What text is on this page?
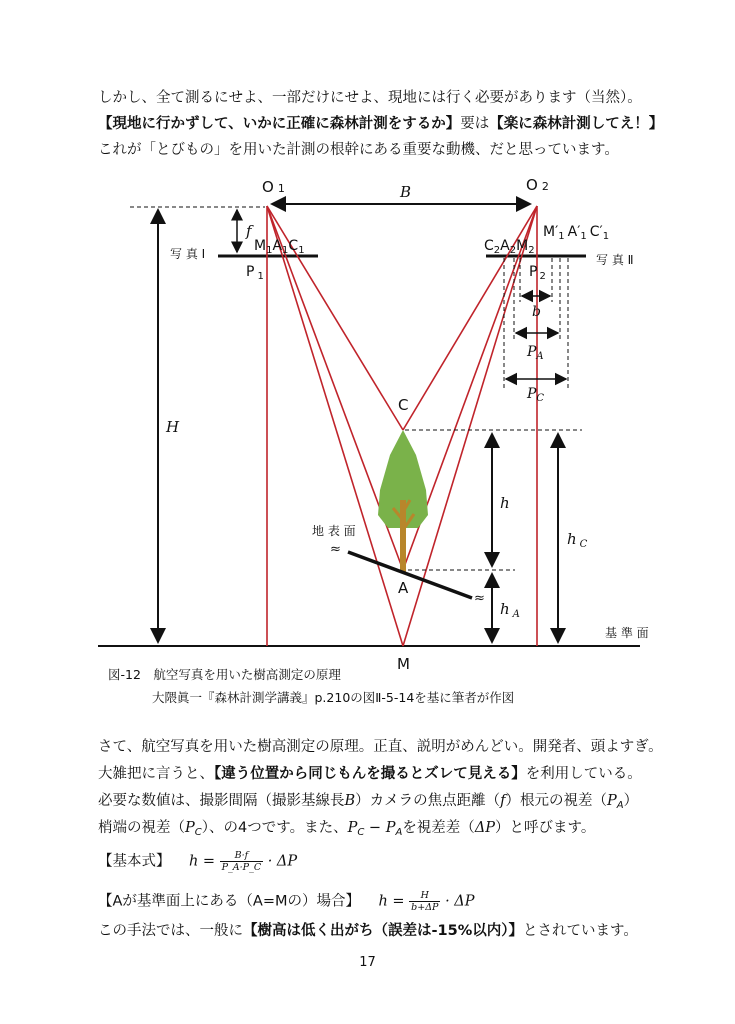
しかし、全て測るにせよ、一部だけにせよ、現地には行く必要があります（当然）。
【現地に行かずして、いかに正確に森林計測をするか】要は【楽に森林計測してえ！】
これが「とびもの」を用いた計測の根幹にある重要な動機、だと思っています。
≈
≈
O 1	O 2
B
f
写 真 Ⅰ	写 真 Ⅱ
$M_1A_1C_1$
P $_1$
$C_2A_2M_2$
P $_2$
$M'_1$ $A'_1$ $C'_1$
b
$P_A$
$P_C$
H
C
h
h $_C$
h $_A$
A
M
地 表 面
基 準 面
図-12　航空写真を用いた樹高測定の原理
大隈眞一『森林計測学講義』p.210の図Ⅱ-5-14を基に筆者が作図
さて、航空写真を用いた樹高測定の原理。正直、説明がめんどい。開発者、頭よすぎ。
大雑把に言うと、【違う位置から同じもんを撮るとズレて見える】を利用している。
必要な数値は、撮影間隔（撮影基線長B）カメラの焦点距離（f）根元の視差$(P_A)$
梢端の視差$(P_C)$、の4つです。また、$P_C - P_A$を視差差（ΔP）と呼びます。
【基本式】 $h = \frac{B\cdot f}{P\_A\cdot P\_C} \cdot \Delta P$
【Aが基準面上にある（A=Mの）場合】 $h = \frac{H}{b+\Delta P} \cdot \Delta P$
この手法では、一般に【樹高は低く出がち（誤差は-15%以内）】とされています。
17
